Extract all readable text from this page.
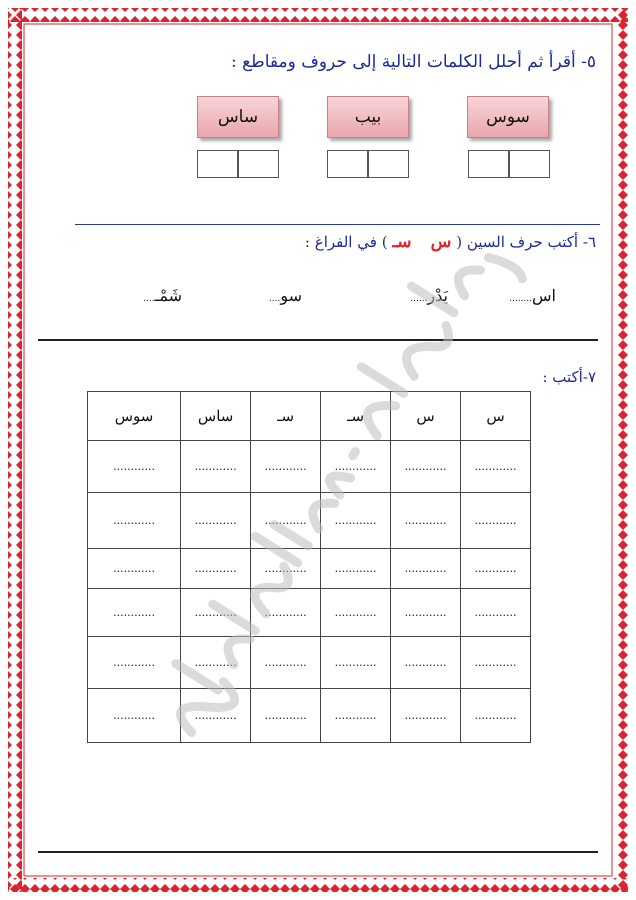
٥- أقرأ ثم أحلل الكلمات التالية إلى حروف ومقاطع :
سوس
بيب
ساس
٦- أكتب حرف السين ( س    سـ ) في الفراغ :
اس........
يَدْر......
سو....
شَمْـ....
٧-أكتب :
س	س	سـ	سـ	ساس	سوس
............	............	............	............	............	............
............	............	............	............	............	............
............	............	............	............	............	............
............	............	............	............	............	............
............	............	............	............	............	............
............	............	............	............	............	............
